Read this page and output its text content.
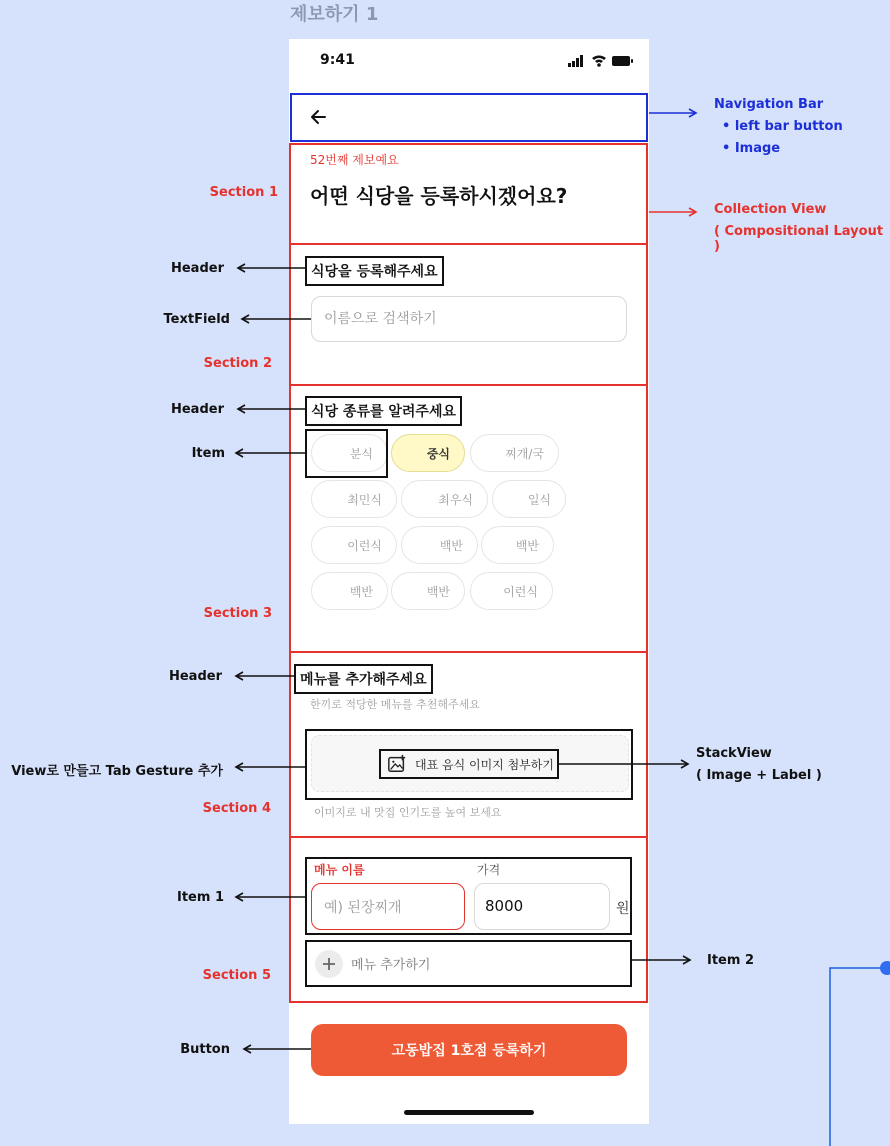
제보하기 1
9:41
52번째 제보예요
어떤 식당을 등록하시겠어요?
식당을 등록해주세요
이름으로 검색하기
식당 종류를 알려주세요
분식	중식	찌개/국
최민식	최우식	일식
이런식	백반	백반
백반	백반	이런식
메뉴를 추가해주세요
한끼로 적당한 메뉴를 추천해주세요
대표 음식 이미지 첨부하기
이미지로 내 맛집 인기도를 높여 보세요
메뉴 이름	가격
예) 된장찌개	8000	원
메뉴 추가하기
고동밥집 1호점 등록하기
Navigation Bar
• left bar button
• Image
Collection View
( Compositional Layout )
Section 1
Section 2
Section 3
Section 4
Section 5
Header
TextField
Header
Item
Header
View로 만들고 Tab Gesture 추가
StackView
( Image + Label )
Item 1
Item 2
Button
